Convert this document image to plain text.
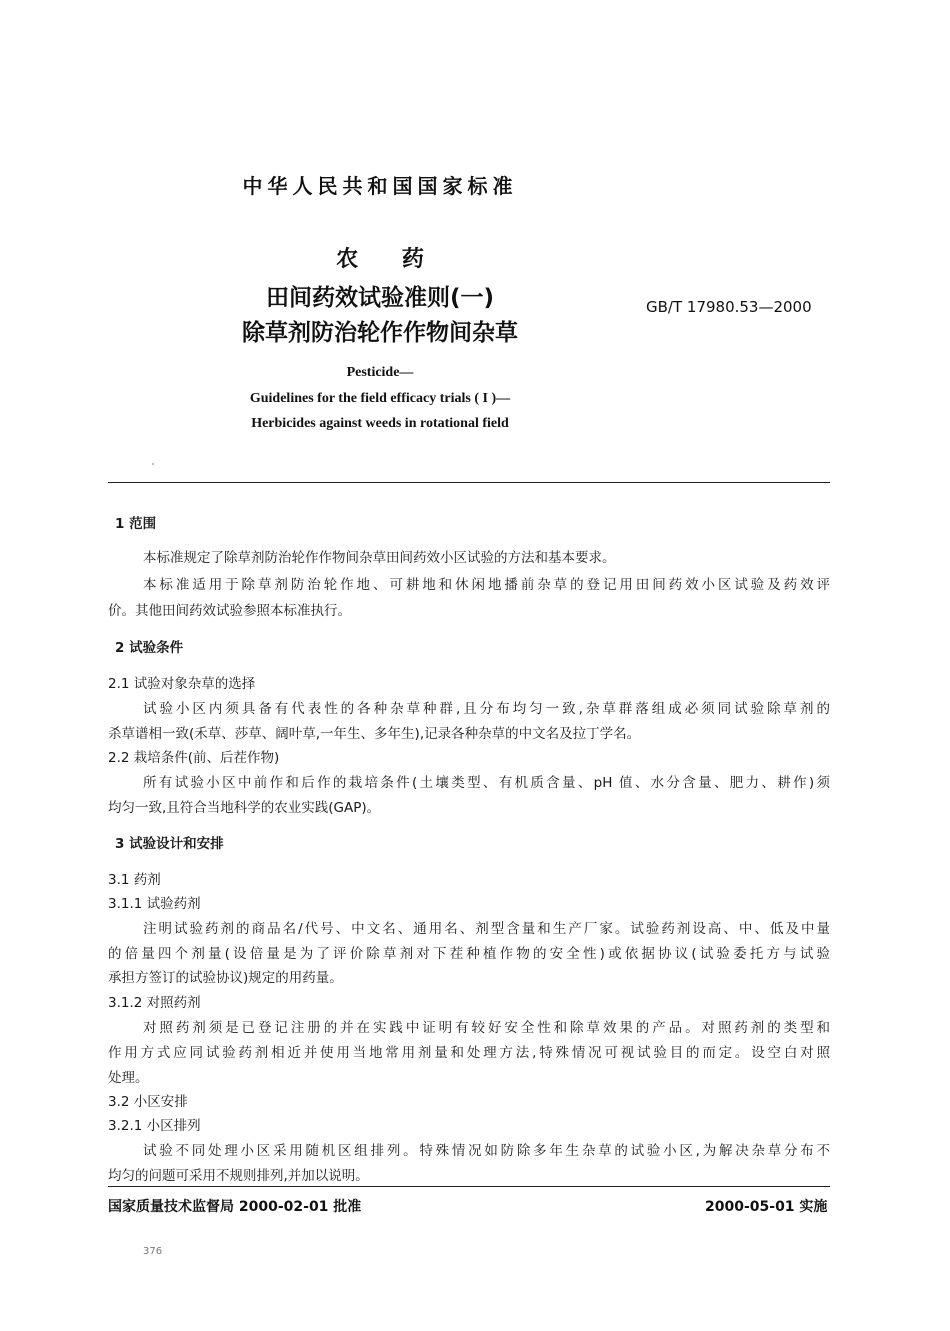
中华人民共和国国家标准
农 药
田间药效试验准则(一)
除草剂防治轮作作物间杂草
GB/T 17980.53—2000
Pesticide—
Guidelines for the field efficacy trials ( I )—
Herbicides against weeds in rotational field
1 范围
本标准规定了除草剂防治轮作作物间杂草田间药效小区试验的方法和基本要求。
本标准适用于除草剂防治轮作地、可耕地和休闲地播前杂草的登记用田间药效小区试验及药效评
价。其他田间药效试验参照本标准执行。
2 试验条件
2.1 试验对象杂草的选择
试验小区内须具备有代表性的各种杂草种群,且分布均匀一致,杂草群落组成必须同试验除草剂的
杀草谱相一致(禾草、莎草、阔叶草,一年生、多年生),记录各种杂草的中文名及拉丁学名。
2.2 栽培条件(前、后茬作物)
所有试验小区中前作和后作的栽培条件(土壤类型、有机质含量、pH 值、水分含量、肥力、耕作)须
均匀一致,且符合当地科学的农业实践(GAP)。
3 试验设计和安排
3.1 药剂
3.1.1 试验药剂
注明试验药剂的商品名/代号、中文名、通用名、剂型含量和生产厂家。试验药剂设高、中、低及中量
的倍量四个剂量(设倍量是为了评价除草剂对下茬种植作物的安全性)或依据协议(试验委托方与试验
承担方签订的试验协议)规定的用药量。
3.1.2 对照药剂
对照药剂须是已登记注册的并在实践中证明有较好安全性和除草效果的产品。对照药剂的类型和
作用方式应同试验药剂相近并使用当地常用剂量和处理方法,特殊情况可视试验目的而定。设空白对照
处理。
3.2 小区安排
3.2.1 小区排列
试验不同处理小区采用随机区组排列。特殊情况如防除多年生杂草的试验小区,为解决杂草分布不
均匀的问题可采用不规则排列,并加以说明。
国家质量技术监督局 2000-02-01 批准	2000-05-01 实施
376
